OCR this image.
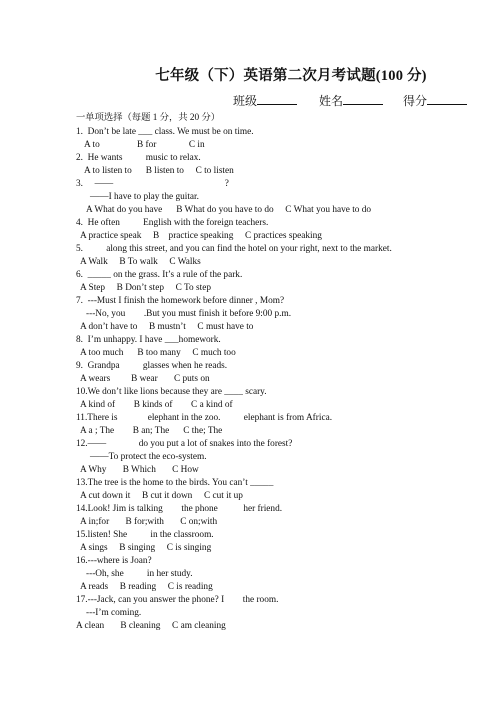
七年级（下）英语第二次月考试题(100 分)
班级	姓名	得分
一单项选择（每题 1 分，共 20 分）
1.  Don’t be late ___ class. We must be on time.
A to                B for              C in
2.  He wants          music to relax.
A to listen to      B listen to     C to listen
3.     ——                                                ?
——I have to play the guitar.
A What do you have      B What do you have to do     C What you have to do
4.  He often          English with the foreign teachers.
A practice speak     B    practice speaking     C practices speaking
5.          along this street, and you can find the hotel on your right, next to the market.
A Walk     B To walk     C Walks
6.  _____ on the grass. It’s a rule of the park.
A Step     B Don’t step     C To step
7.  ---Must I finish the homework before dinner , Mom?
---No, you        .But you must finish it before 9:00 p.m.
A don’t have to     B mustn’t     C must have to
8.  I’m unhappy. I have ___homework.
A too much      B too many     C much too
9.  Grandpa          glasses when he reads.
A wears         B wear       C puts on
10.We don’t like lions because they are ____ scary.
A kind of        B kinds of        C a kind of
11.There is             elephant in the zoo.          elephant is from Africa.
A a ; The        B an; The      C the; The
12.——              do you put a lot of snakes into the forest?
——To protect the eco-system.
A Why       B Which       C How
13.The tree is the home to the birds. You can’t _____
A cut down it     B cut it down     C cut it up
14.Look! Jim is talking        the phone           her friend.
A in;for       B for;with       C on;with
15.listen! She          in the classroom.
A sings     B singing     C is singing
16.---where is Joan?
---Oh, she          in her study.
A reads     B reading     C is reading
17.---Jack, can you answer the phone? I        the room.
---I’m coming.
A clean       B cleaning     C am cleaning
